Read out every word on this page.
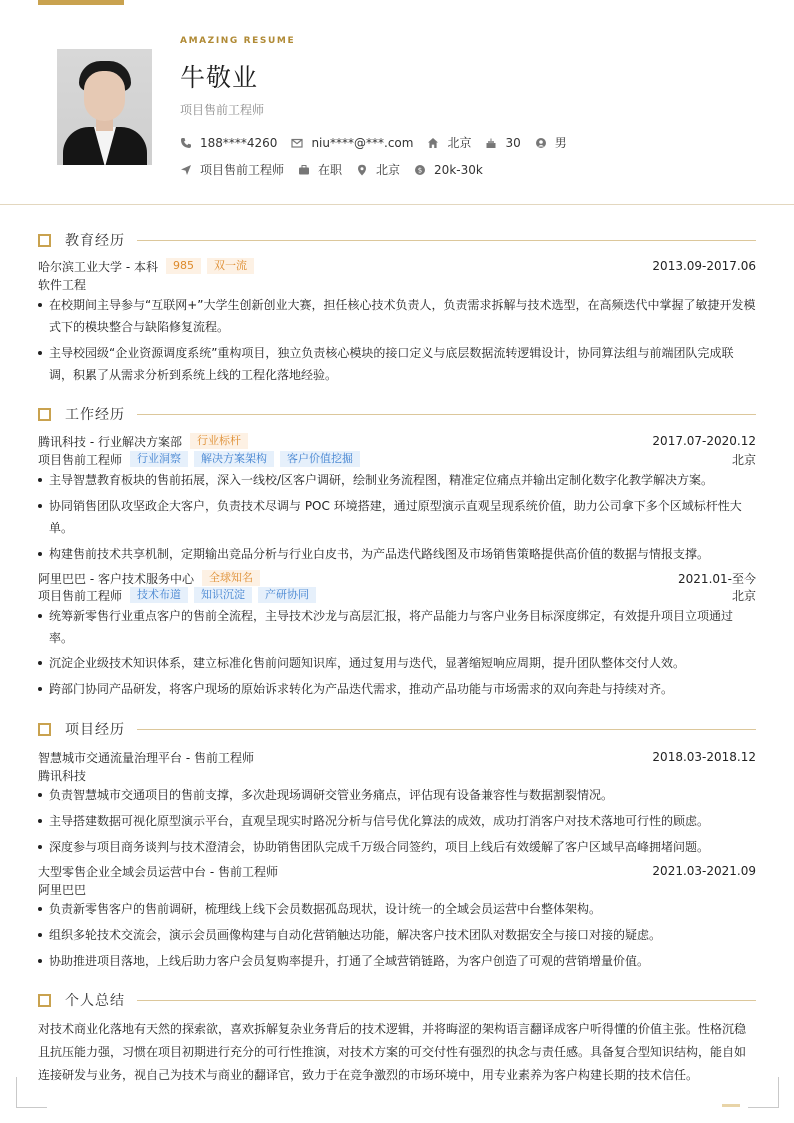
AMAZING RESUME
牛敬业
项目售前工程师
188****4260	niu****@***.com	北京	30	男
项目售前工程师	在职	北京	$ 20k-30k
教育经历
哈尔滨工业大学 - 本科	985	双一流	2013.09-2017.06
软件工程
在校期间主导参与“互联网+”大学生创新创业大赛，担任核心技术负责人，负责需求拆解与技术选型，在高频迭代中掌握了敏捷开发模式下的模块整合与缺陷修复流程。
主导校园级“企业资源调度系统”重构项目，独立负责核心模块的接口定义与底层数据流转逻辑设计，协同算法组与前端团队完成联调，积累了从需求分析到系统上线的工程化落地经验。
工作经历
腾讯科技 - 行业解决方案部	行业标杆	2017.07-2020.12
项目售前工程师	行业洞察	解决方案架构	客户价值挖掘	北京
主导智慧教育板块的售前拓展，深入一线校/区客户调研，绘制业务流程图，精准定位痛点并输出定制化数字化教学解决方案。
协同销售团队攻坚政企大客户，负责技术尽调与 POC 环境搭建，通过原型演示直观呈现系统价值，助力公司拿下多个区域标杆性大单。
构建售前技术共享机制，定期输出竞品分析与行业白皮书，为产品迭代路线图及市场销售策略提供高价值的数据与情报支撑。
阿里巴巴 - 客户技术服务中心	全球知名	2021.01-至今
项目售前工程师	技术布道	知识沉淀	产研协同	北京
统筹新零售行业重点客户的售前全流程，主导技术沙龙与高层汇报，将产品能力与客户业务目标深度绑定，有效提升项目立项通过率。
沉淀企业级技术知识体系，建立标准化售前问题知识库，通过复用与迭代，显著缩短响应周期，提升团队整体交付人效。
跨部门协同产品研发，将客户现场的原始诉求转化为产品迭代需求，推动产品功能与市场需求的双向奔赴与持续对齐。
项目经历
智慧城市交通流量治理平台 - 售前工程师	2018.03-2018.12
腾讯科技
负责智慧城市交通项目的售前支撑，多次赴现场调研交管业务痛点，评估现有设备兼容性与数据割裂情况。
主导搭建数据可视化原型演示平台，直观呈现实时路况分析与信号优化算法的成效，成功打消客户对技术落地可行性的顾虑。
深度参与项目商务谈判与技术澄清会，协助销售团队完成千万级合同签约，项目上线后有效缓解了客户区域早高峰拥堵问题。
大型零售企业全域会员运营中台 - 售前工程师	2021.03-2021.09
阿里巴巴
负责新零售客户的售前调研，梳理线上线下会员数据孤岛现状，设计统一的全域会员运营中台整体架构。
组织多轮技术交流会，演示会员画像构建与自动化营销触达功能，解决客户技术团队对数据安全与接口对接的疑虑。
协助推进项目落地，上线后助力客户会员复购率提升，打通了全域营销链路，为客户创造了可观的营销增量价值。
个人总结
对技术商业化落地有天然的探索欲，喜欢拆解复杂业务背后的技术逻辑，并将晦涩的架构语言翻译成客户听得懂的价值主张。性格沉稳且抗压能力强，习惯在项目初期进行充分的可行性推演，对技术方案的可交付性有强烈的执念与责任感。具备复合型知识结构，能自如连接研发与业务，视自己为技术与商业的翻译官，致力于在竞争激烈的市场环境中，用专业素养为客户构建长期的技术信任。
